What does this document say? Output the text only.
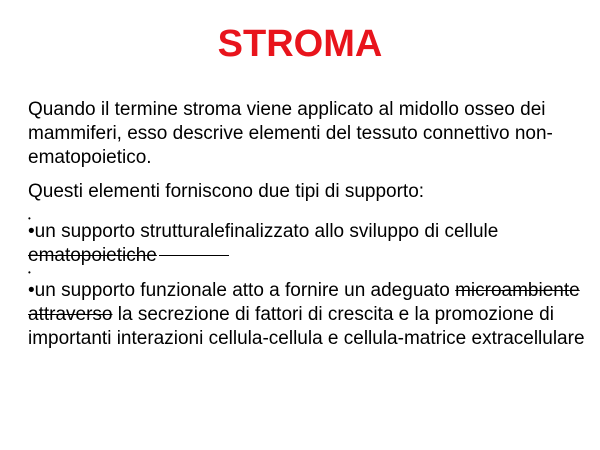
STROMA

Quando il termine stroma viene applicato al midollo osseo dei mammiferi, esso descrive elementi del tessuto connettivo non-ematopoietico.

Questi elementi forniscono due tipi di supporto:

•

•un supporto strutturalefinalizzato allo sviluppo di cellule ematopoietiche

•

•un supporto funzionale atto a fornire un adeguato microambiente attraverso la secrezione di fattori di crescita e la promozione di importanti interazioni cellula-cellula e cellula-matrice extracellulare
